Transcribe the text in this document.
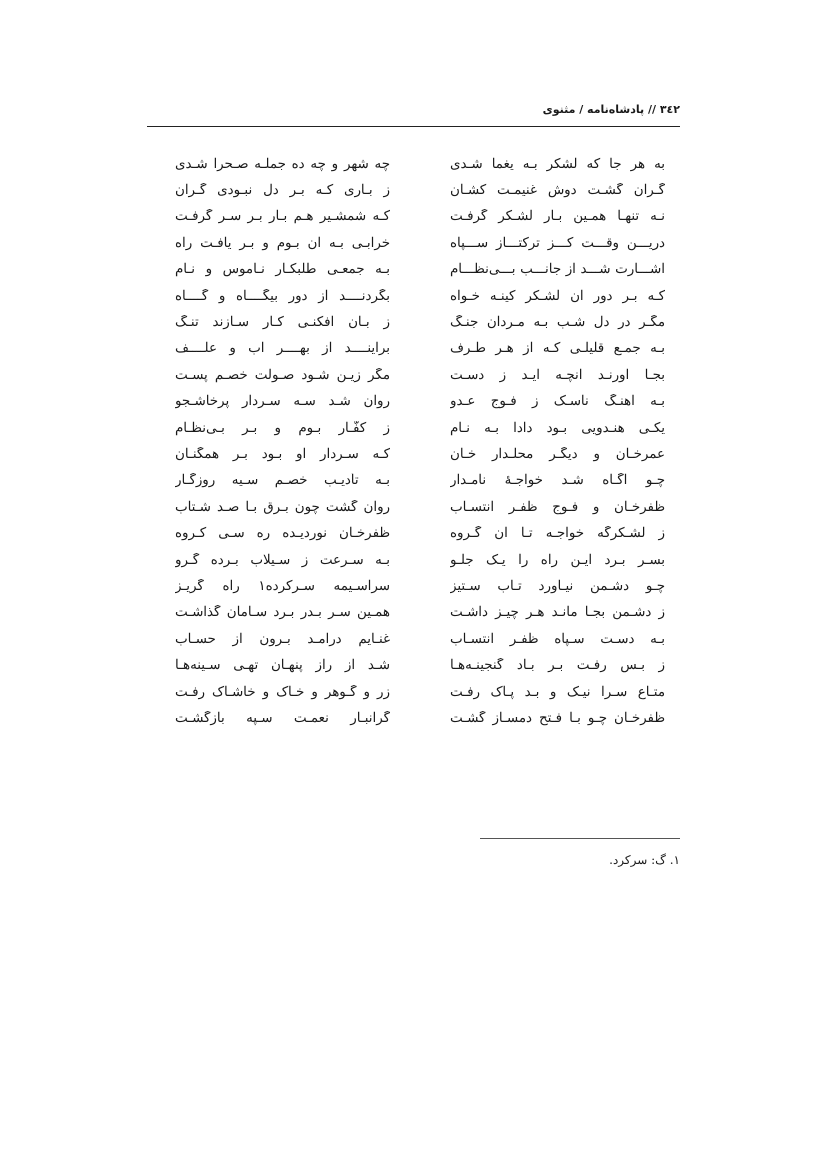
۳٤۲ // پادشاه‌نامه / مثنوی
به هر جا که لشکر بـه یغما شـدی
چه شهر و چه ده جملـه صـحرا شـدی
گـران گشـت دوش غنیمـت کشـان
ز بـاری کـه بـر دل نبـودی گـران
نـه تنهـا همـین بـار لشـکر گرفـت
کـه شمشـیر هـم بـار بـر سـر گرفـت
دریـــن وقـــت کـــز ترکتـــاز ســـپاه
خرابـی بـه آن بـوم و بـر یافـت راه
اشـــارت شـــد از جانـــب بـــی‌نظـــام
بـه جمعـی طلبکـار نـاموس و نـام
کـه بـر دور آن لشـکر کینـه خـواه
بگردنــــد از دور بیگــــاه و گــــاه
مگـر در دل شـب بـه مـردان جنـگ
ز بـان افکنـی کـار سـازند تنـگ
بـه جمـع قلیلـی کـه از هـر طـرف
برآینــــد از بهــــر آب و علــــف
بجـا آورنـد آنچـه آیـد ز دسـت
مگر زیـن شـود صـولت خصـم پسـت
بـه آهنـگ ناسـک ز فـوج عـدو
روان شـد سـه سـردار پرخاشـجو
یکـی هنـدویی بـود دادا بـه نـام
ز کفّـار بـوم و بـر بـی‌نظـام
عمرخـان و دیگـر محلـدار خـان
کـه سـردار او بـود بـر همگنـان
چـو آگـاه شـد خواجـهٔ نامـدار
بـه تأدیـب خصـم سـیه روزگـار
ظفرخـان و فـوج ظفـر انتسـاب
روان گشت چون بـرق بـا صـد شـتاب
ز لشـکرگه خواجـه تـا آن گـروه
ظفرخـان نوردیـده ره سـی کـروه
بسـر بـرد ایـن راه را یـک جلـو
بـه سـرعت ز سـیلاب بـرده گـرو
چـو دشـمن نیـاورد تـاب سـتیز
سراسـیمه سـرکرده۱ راه گریـز
ز دشـمن بجـا مانـد هـر چیـز داشـت
همـین سـر بـدر بـرد سـامان گذاشـت
بـه دسـت سـپاه ظفـر انتسـاب
غنـایم درآمـد بـرون از حسـاب
ز بـس رفـت بـر بـاد گنجینـه‌هـا
شـد از راز پنهـان تهـی سـینه‌هـا
متـاع سـرا نیـک و بـد پـاک رفـت
زر و گـوهر و خـاک و خاشـاک رفـت
ظفرخـان چـو بـا فـتح دمسـاز گشـت
گرانبـار نعمـت سـپه بازگشـت
۱. گ: سرکرد.
